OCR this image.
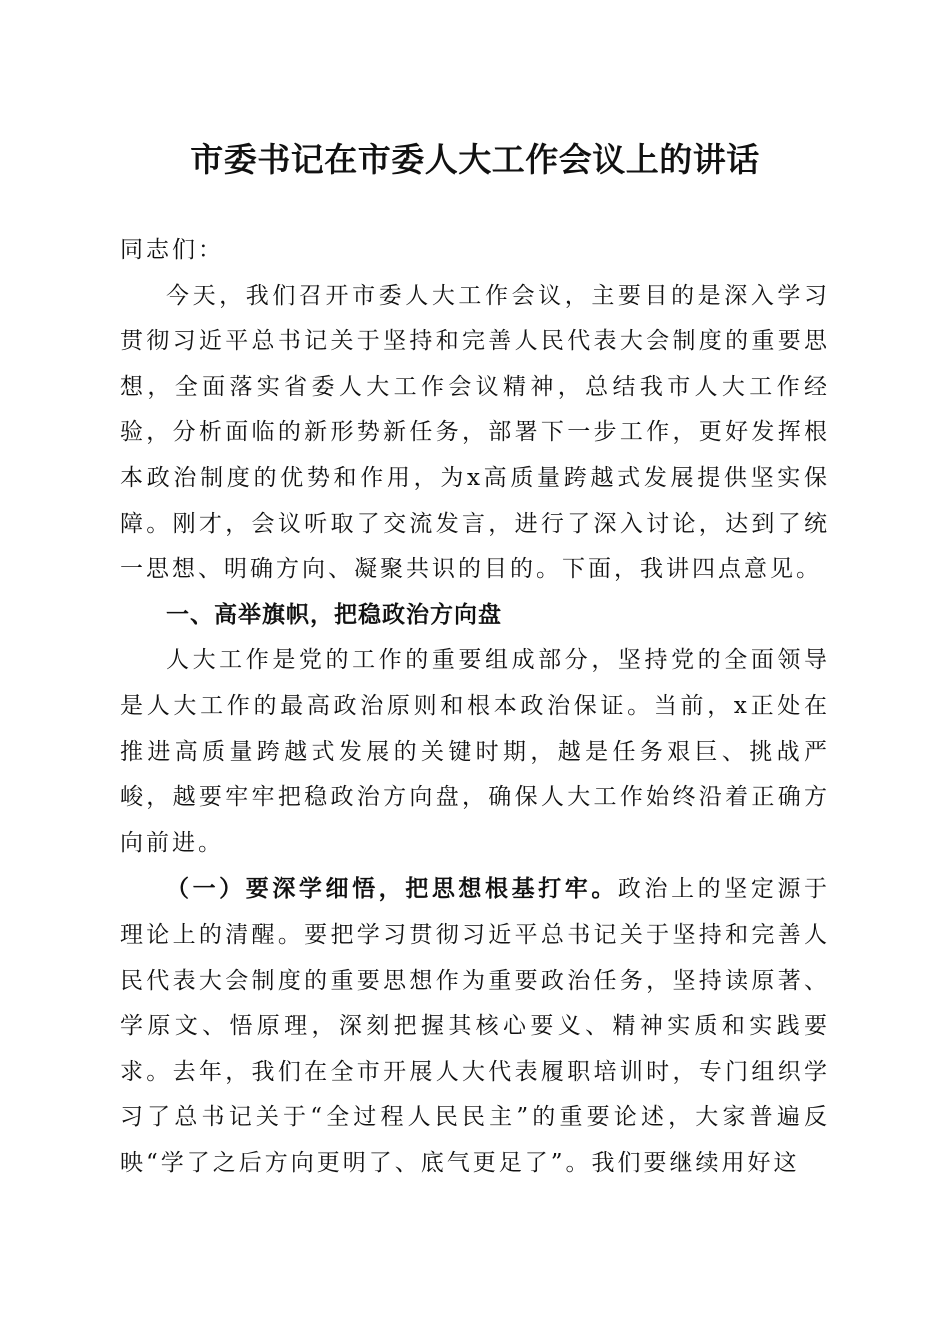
市委书记在市委人大工作会议上的讲话

同志们：

今天，我们召开市委人大工作会议，主要目的是深入学习贯彻习近平总书记关于坚持和完善人民代表大会制度的重要思想，全面落实省委人大工作会议精神，总结我市人大工作经验，分析面临的新形势新任务，部署下一步工作，更好发挥根本政治制度的优势和作用，为x高质量跨越式发展提供坚实保障。刚才，会议听取了交流发言，进行了深入讨论，达到了统一思想、明确方向、凝聚共识的目的。下面，我讲四点意见。

一、高举旗帜，把稳政治方向盘

人大工作是党的工作的重要组成部分，坚持党的全面领导是人大工作的最高政治原则和根本政治保证。当前，x正处在推进高质量跨越式发展的关键时期，越是任务艰巨、挑战严峻，越要牢牢把稳政治方向盘，确保人大工作始终沿着正确方向前进。

（一）要深学细悟，把思想根基打牢。政治上的坚定源于理论上的清醒。要把学习贯彻习近平总书记关于坚持和完善人民代表大会制度的重要思想作为重要政治任务，坚持读原著、学原文、悟原理，深刻把握其核心要义、精神实质和实践要求。去年，我们在全市开展人大代表履职培训时，专门组织学习了总书记关于“全过程人民民主”的重要论述，大家普遍反映“学了之后方向更明了、底气更足了”。我们要继续用好这
